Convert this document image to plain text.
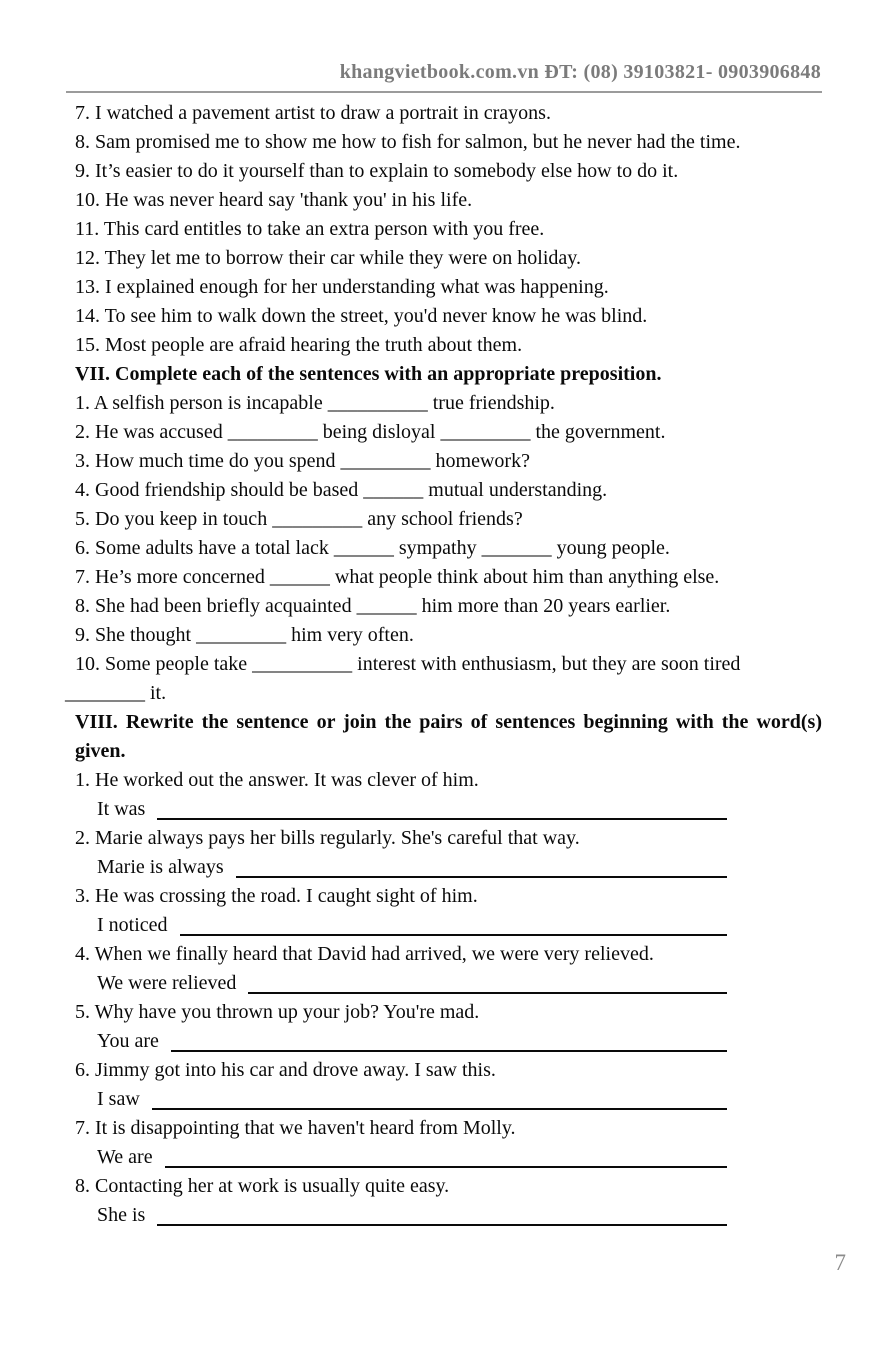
khangvietbook.com.vn ĐT: (08) 39103821- 0903906848
7. I watched a pavement artist to draw a portrait in crayons.
8. Sam promised me to show me how to fish for salmon, but he never had the time.
9. It’s easier to do it yourself than to explain to somebody else how to do it.
10. He was never heard say 'thank you' in his life.
11. This card entitles to take an extra person with you free.
12. They let me to borrow their car while they were on holiday.
13. I explained enough for her understanding what was happening.
14. To see him to walk down the street, you'd never know he was blind.
15. Most people are afraid hearing the truth about them.
VII. Complete each of the sentences with an appropriate preposition.
1. A selfish person is incapable __________ true friendship.
2. He was accused _________ being disloyal _________ the government.
3. How much time do you spend _________ homework?
4. Good friendship should be based ______ mutual understanding.
5. Do you keep in touch _________ any school friends?
6. Some adults have a total lack ______ sympathy _______ young people.
7. He’s more concerned ______ what people think about him than anything else.
8. She had been briefly acquainted ______ him more than 20 years earlier.
9. She thought _________ him very often.
10. Some people take __________ interest with enthusiasm, but they are soon tired
________ it.
VIII. Rewrite the sentence or join the pairs of sentences beginning with the word(s)
given.
1. He worked out the answer. It was clever of him.
It was
2. Marie always pays her bills regularly. She's careful that way.
Marie is always
3. He was crossing the road. I caught sight of him.
I noticed
4. When we finally heard that David had arrived, we were very relieved.
We were relieved
5. Why have you thrown up your job? You're mad.
You are
6. Jimmy got into his car and drove away. I saw this.
I saw
7. It is disappointing that we haven't heard from Molly.
We are
8. Contacting her at work is usually quite easy.
She is
7
